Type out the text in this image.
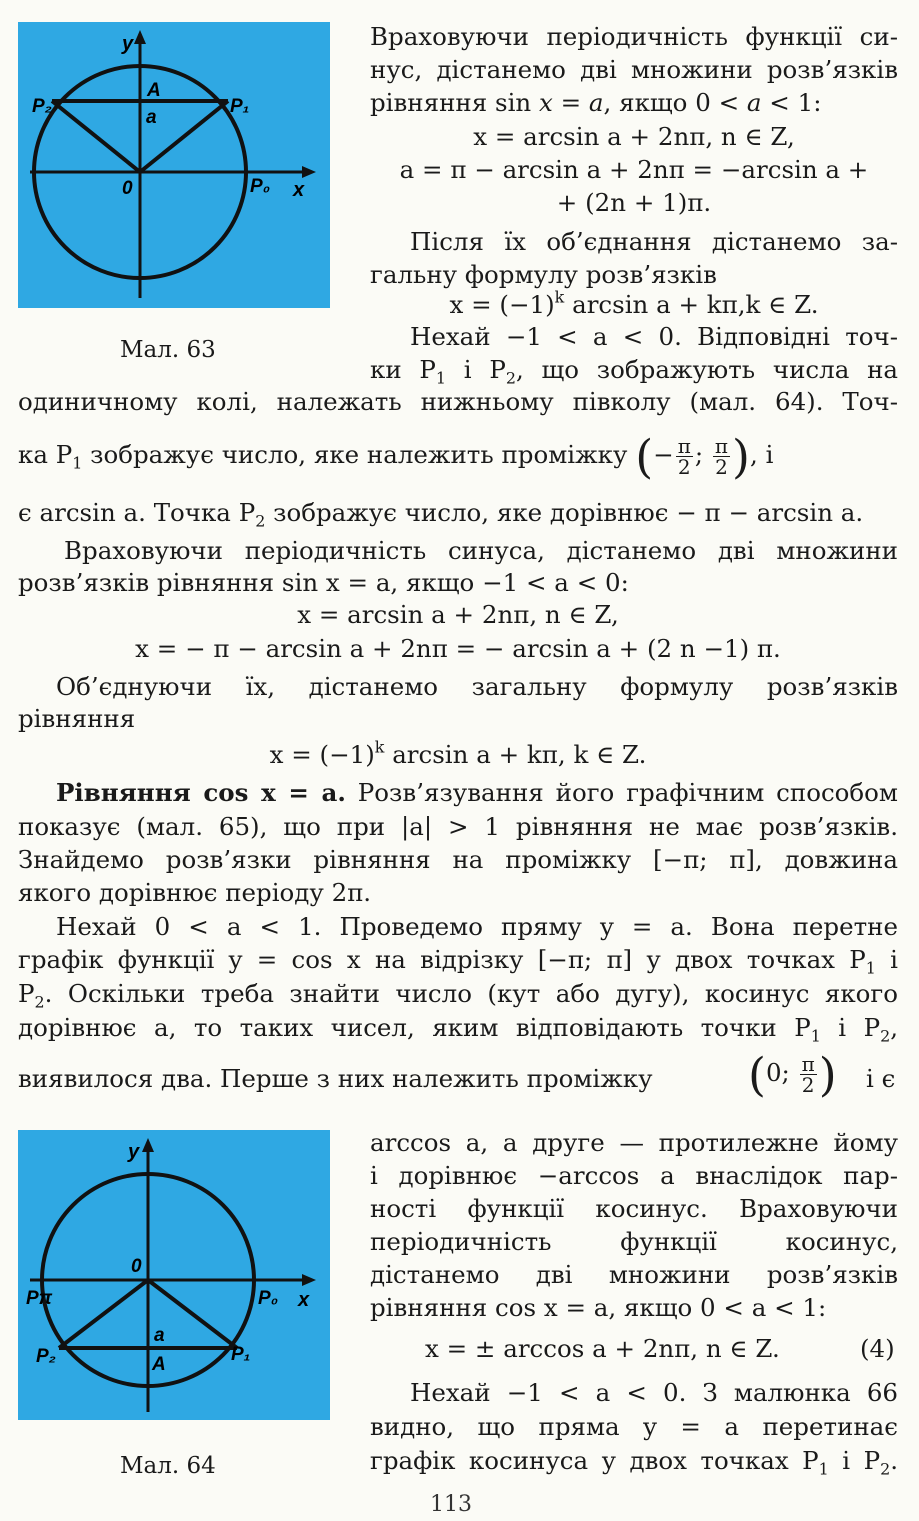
y
x
A
a
0	P₀
P₁
P₂
Мал. 63
Враховуючи періодичність функції си-
нус, дістанемо дві множини розв’язків
рівняння sin x = a, якщо 0 < a < 1:
x = arcsin a + 2nπ, n ∈ Z,
a = π − arcsin a + 2nπ = −arcsin a +
+ (2n + 1)π.
Після їх об’єднання дістанемо за-
гальну формулу розв’язків
$x = (-1)^k$ arcsin a + kπ,k ∈ Z.
Нехай −1 < a < 0. Відповідні точ-
ки $P_1$ і $P_2$, що зображують числа на
одиничному колі, належать нижньому півколу (мал. 64). Точ-
ка $P_1$ зображує число, яке належить проміжку (− $\frac{\pi}{2}$ ; $\frac{\pi}{2}$ ), і
є arcsin a. Точка $P_2$ зображує число, яке дорівнює − π − arcsin a.
Враховуючи періодичність синуса, дістанемо дві множини
розв’язків рівняння sin x = a, якщо −1 < a < 0:
x = arcsin a + 2nπ, n ∈ Z,
x = − π − arcsin a + 2nπ = − arcsin a + (2 n −1) π.
Об’єднуючи їх, дістанемо загальну формулу розв’язків
рівняння
$x = (-1)^k$ arcsin a + kπ, k ∈ Z.
Рівняння cos x = a. Розв’язування його графічним способом
показує (мал. 65), що при |a| > 1 рівняння не має розв’язків.
Знайдемо розв’язки рівняння на проміжку [−π; π], довжина
якого дорівнює періоду 2π.
Нехай 0 < a < 1. Проведемо пряму y = a. Вона перетне
графік функції y = cos x на відрізку [−π; π] у двох точках $P_1$ і
$P_2$. Оскільки треба знайти число (кут або дугу), косинус якого
дорівнює a, то таких чисел, яким відповідають точки $P_1$ і $P_2$,
виявилося два. Перше з них належить проміжку (0; $\frac{\pi}{2}$ ) і є
y
x
0
a
A
P₀
Pπ
P₁
P₂
Мал. 64
arccos a, а друге — протилежне йому
і дорівнює −arccos a внаслідок пар-
ності функції косинус. Враховуючи
періодичність функції косинус,
дістанемо дві множини розв’язків
рівняння cos x = a, якщо 0 < a < 1:
x = ± arccos a + 2nπ, n ∈ Z.	(4)
Нехай −1 < a < 0. З малюнка 66
видно, що пряма y = a перетинає
графік косинуса у двох точках $P_1$ і $P_2$.
113
